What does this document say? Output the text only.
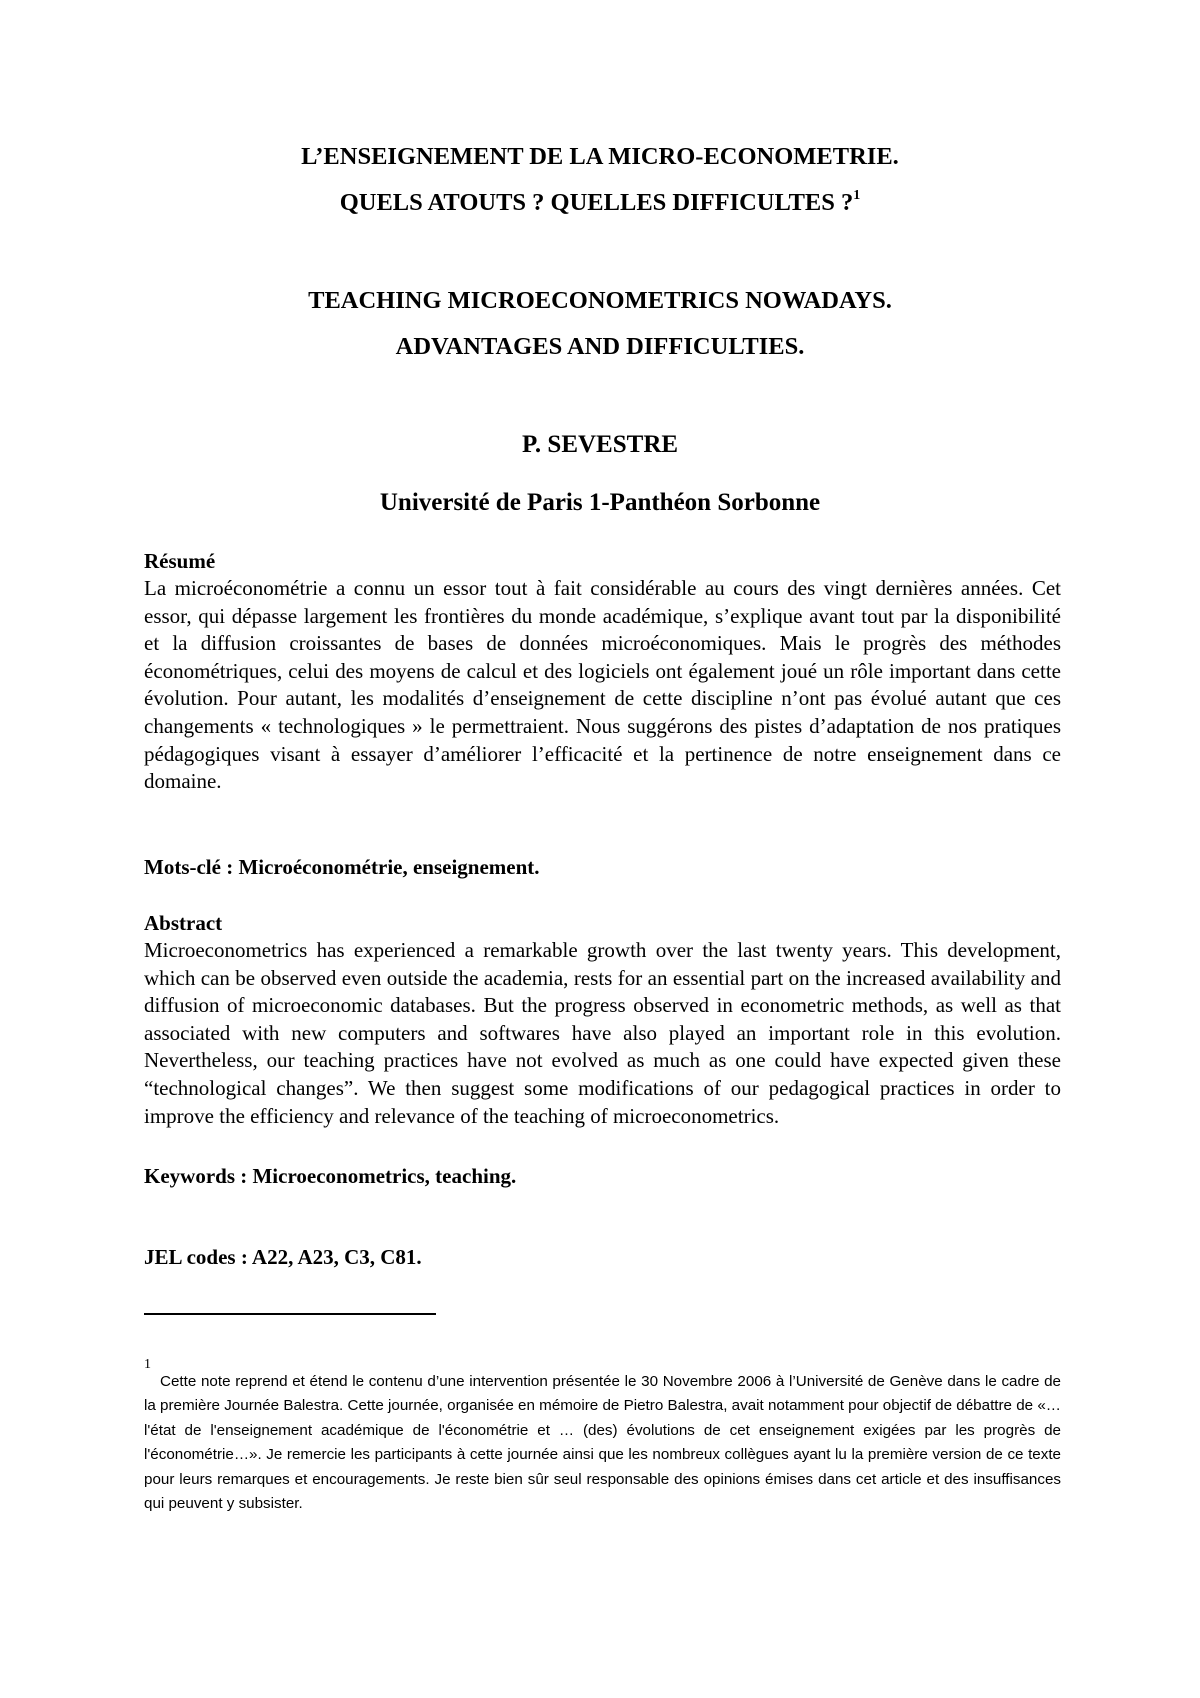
L’ENSEIGNEMENT DE LA MICRO-ECONOMETRIE.
QUELS ATOUTS ? QUELLES DIFFICULTES ?$^1$
TEACHING MICROECONOMETRICS NOWADAYS.
ADVANTAGES AND DIFFICULTIES.
P. SEVESTRE
Université de Paris 1-Panthéon Sorbonne
Résumé
La microéconométrie a connu un essor tout à fait considérable au cours des vingt dernières années. Cet essor, qui dépasse largement les frontières du monde académique, s’explique avant tout par la disponibilité et la diffusion croissantes de bases de données microéconomiques. Mais le progrès des méthodes économétriques, celui des moyens de calcul et des logiciels ont également joué un rôle important dans cette évolution. Pour autant, les modalités d’enseignement de cette discipline n’ont pas évolué autant que ces changements « technologiques » le permettraient. Nous suggérons des pistes d’adaptation de nos pratiques pédagogiques visant à essayer d’améliorer l’efficacité et la pertinence de notre enseignement dans ce domaine.
Mots-clé : Microéconométrie, enseignement.
Abstract
Microeconometrics has experienced a remarkable growth over the last twenty years. This development, which can be observed even outside the academia, rests for an essential part on the increased availability and diffusion of microeconomic databases. But the progress observed in econometric methods, as well as that associated with new computers and softwares have also played an important role in this evolution. Nevertheless, our teaching practices have not evolved as much as one could have expected given these “technological changes”. We then suggest some modifications of our pedagogical practices in order to improve the efficiency and relevance of the teaching of microeconometrics.
Keywords : Microeconometrics, teaching.
JEL codes : A22, A23, C3, C81.
1
Cette note reprend et étend le contenu d’une intervention présentée le 30 Novembre 2006 à l’Université de Genève dans le cadre de la première Journée Balestra. Cette journée, organisée en mémoire de Pietro Balestra, avait notamment pour objectif de débattre de «…l'état de l'enseignement académique de l'économétrie et … (des) évolutions de cet enseignement exigées par les progrès de l'économétrie…». Je remercie les participants à cette journée ainsi que les nombreux collègues ayant lu la première version de ce texte pour leurs remarques et encouragements. Je reste bien sûr seul responsable des opinions émises dans cet article et des insuffisances qui peuvent y subsister.
